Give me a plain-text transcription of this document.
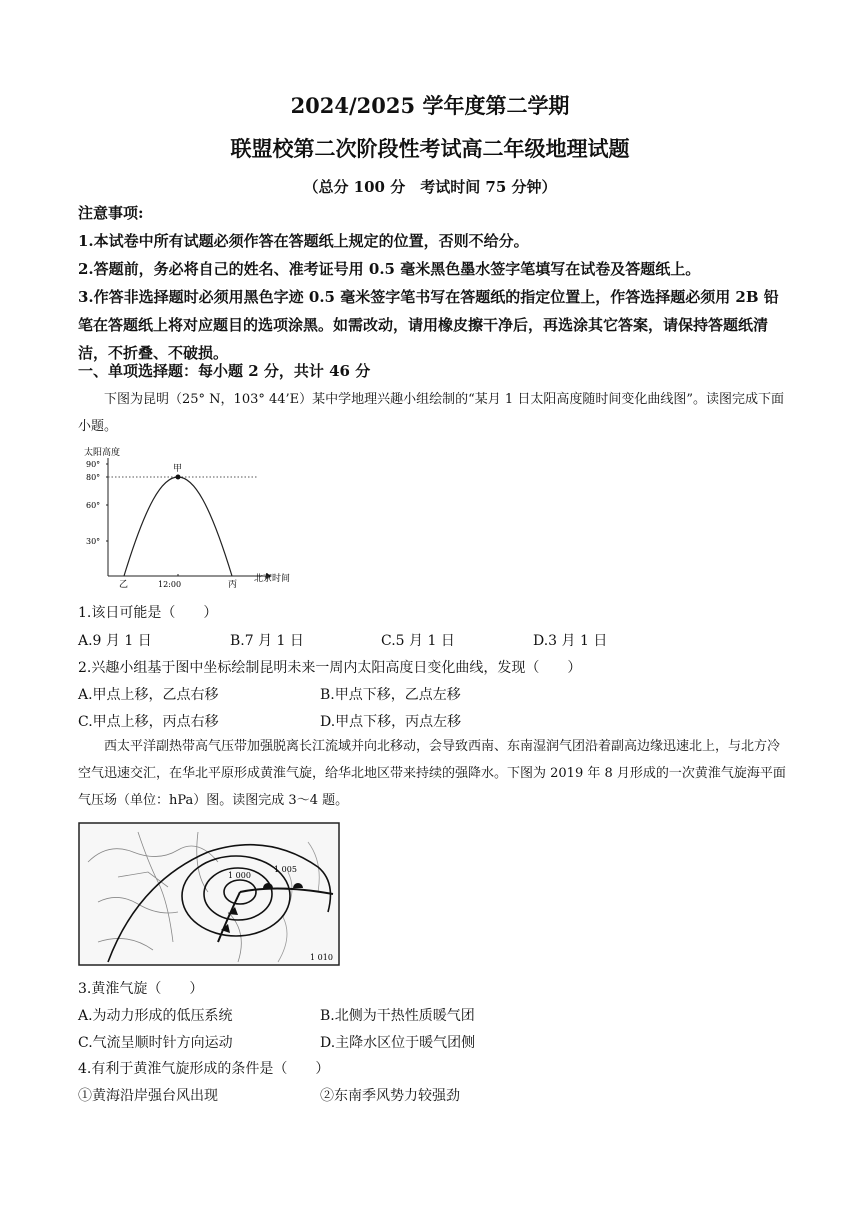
2024/2025 学年度第二学期
联盟校第二次阶段性考试高二年级地理试题
（总分 100 分　考试时间 75 分钟）
注意事项:
1.本试卷中所有试题必须作答在答题纸上规定的位置，否则不给分。
2.答题前，务必将自己的姓名、准考证号用 0.5 毫米黑色墨水签字笔填写在试卷及答题纸上。
3.作答非选择题时必须用黑色字迹 0.5 毫米签字笔书写在答题纸的指定位置上，作答选择题必须用 2B 铅笔在答题纸上将对应题目的选项涂黑。如需改动，请用橡皮擦干净后，再选涂其它答案，请保持答题纸清洁，不折叠、不破损。
一、单项选择题：每小题 2 分，共计 46 分
下图为昆明（25° N，103° 44’E）某中学地理兴趣小组绘制的“某月 1 日太阳高度随时间变化曲线图”。读图完成下面小题。
太阳高度
90°
80°
60°
30°
甲
乙	丙
12:00
北京时间
1.该日可能是（　　）
A.9 月 1 日	B.7 月 1 日	C.5 月 1 日	D.3 月 1 日
2.兴趣小组基于图中坐标绘制昆明未来一周内太阳高度日变化曲线，发现（　　）
A.甲点上移，乙点右移	B.甲点下移，乙点左移
C.甲点上移，丙点右移	D.甲点下移，丙点左移
西太平洋副热带高气压带加强脱离长江流域并向北移动，会导致西南、东南湿润气团沿着副高边缘迅速北上，与北方冷空气迅速交汇，在华北平原形成黄淮气旋，给华北地区带来持续的强降水。下图为 2019 年 8 月形成的一次黄淮气旋海平面气压场（单位：hPa）图。读图完成 3～4 题。
1 000
1 005
1 010
3.黄淮气旋（　　）
A.为动力形成的低压系统	B.北侧为干热性质暖气团
C.气流呈顺时针方向运动	D.主降水区位于暖气团侧
4.有利于黄淮气旋形成的条件是（　　）
①黄海沿岸强台风出现	②东南季风势力较强劲
